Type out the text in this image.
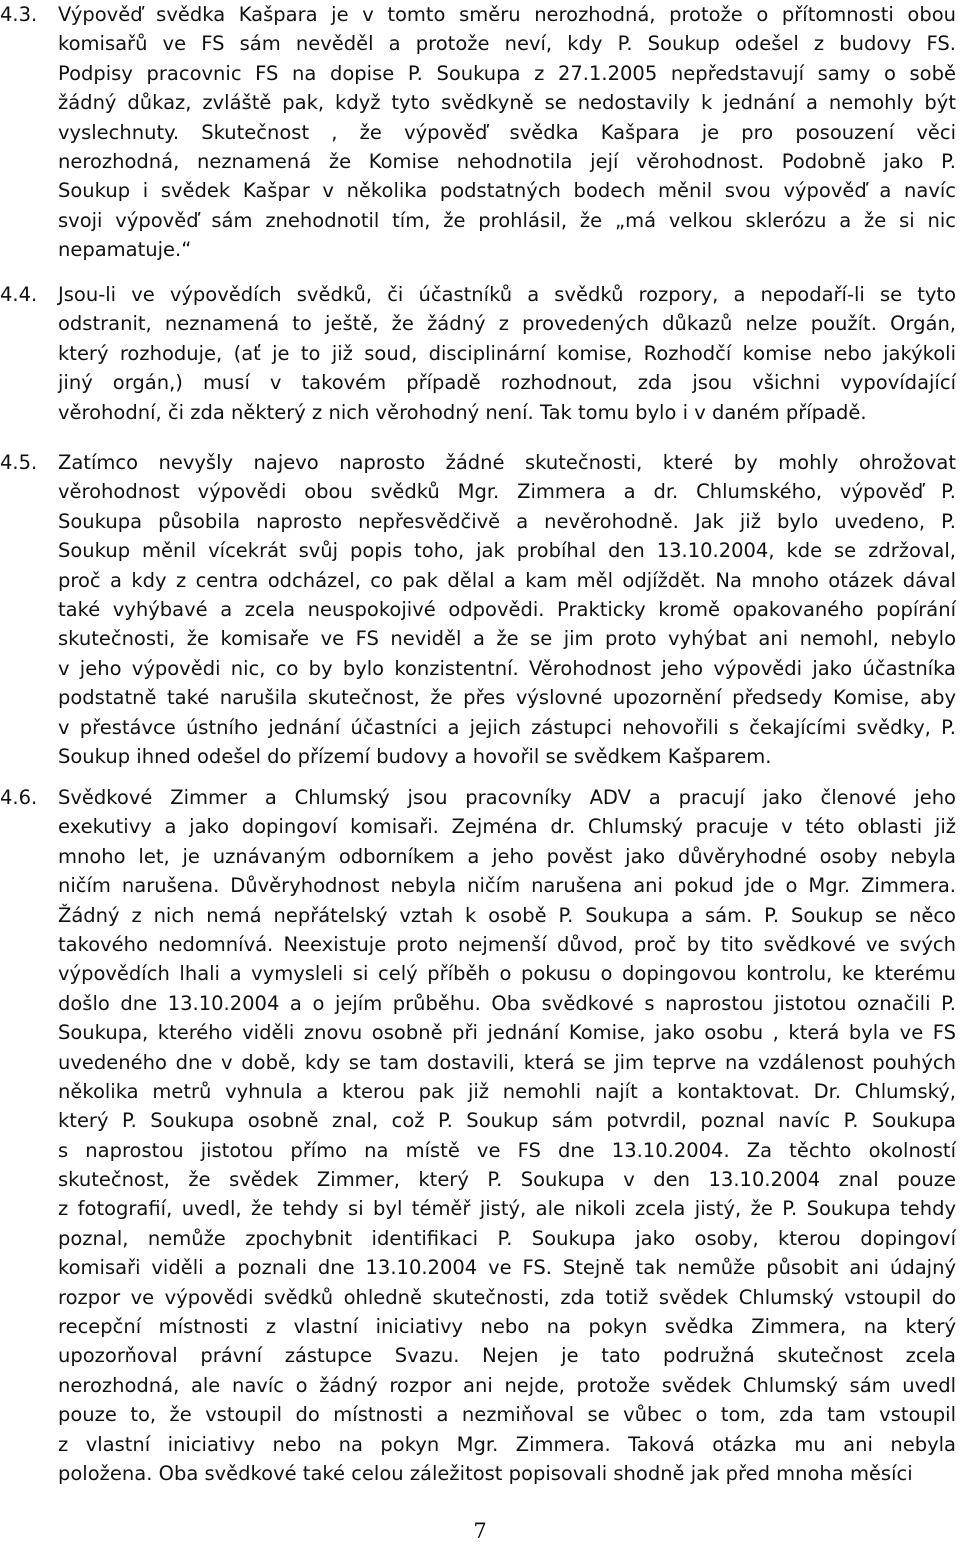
4.3.	Výpověď svědka Kašpara je v tomto směru nerozhodná, protože o přítomnosti obou
komisařů ve FS sám nevěděl a protože neví, kdy P. Soukup odešel z budovy FS.
Podpisy pracovnic FS na dopise P. Soukupa z 27.1.2005 nepředstavují samy o sobě
žádný důkaz, zvláště pak, když tyto svědkyně se nedostavily k jednání a nemohly být
vyslechnuty. Skutečnost , že výpověď svědka Kašpara je pro posouzení věci
nerozhodná, neznamená že Komise nehodnotila její věrohodnost. Podobně jako P.
Soukup i svědek Kašpar v několika podstatných bodech měnil svou výpověď a navíc
svoji výpověď sám znehodnotil tím, že prohlásil, že „má velkou sklerózu a že si nic
nepamatuje.“
4.4.	Jsou-li ve výpovědích svědků, či účastníků a svědků rozpory, a nepodaří-li se tyto
odstranit, neznamená to ještě, že žádný z provedených důkazů nelze použít. Orgán,
který rozhoduje, (ať je to již soud, disciplinární komise, Rozhodčí komise nebo jakýkoli
jiný orgán,) musí v takovém případě rozhodnout, zda jsou všichni vypovídající
věrohodní, či zda některý z nich věrohodný není. Tak tomu bylo i v daném případě.
4.5.	Zatímco nevyšly najevo naprosto žádné skutečnosti, které by mohly ohrožovat
věrohodnost výpovědi obou svědků Mgr. Zimmera a dr. Chlumského, výpověď P.
Soukupa působila naprosto nepřesvědčivě a nevěrohodně. Jak již bylo uvedeno, P.
Soukup měnil vícekrát svůj popis toho, jak probíhal den 13.10.2004, kde se zdržoval,
proč a kdy z centra odcházel, co pak dělal a kam měl odjíždět. Na mnoho otázek dával
také vyhýbavé a zcela neuspokojivé odpovědi. Prakticky kromě opakovaného popírání
skutečnosti, že komisaře ve FS neviděl a že se jim proto vyhýbat ani nemohl, nebylo
v jeho výpovědi nic, co by bylo konzistentní. Věrohodnost jeho výpovědi jako účastníka
podstatně také narušila skutečnost, že přes výslovné upozornění předsedy Komise, aby
v přestávce ústního jednání účastníci a jejich zástupci nehovořili s čekajícími svědky, P.
Soukup ihned odešel do přízemí budovy a hovořil se svědkem Kašparem.
4.6.	Svědkové Zimmer a Chlumský jsou pracovníky ADV a pracují jako členové jeho
exekutivy a jako dopingoví komisaři. Zejména dr. Chlumský pracuje v této oblasti již
mnoho let, je uznávaným odborníkem a jeho pověst jako důvěryhodné osoby nebyla
ničím narušena. Důvěryhodnost nebyla ničím narušena ani pokud jde o Mgr. Zimmera.
Žádný z nich nemá nepřátelský vztah k osobě P. Soukupa a sám. P. Soukup se něco
takového nedomnívá. Neexistuje proto nejmenší důvod, proč by tito svědkové ve svých
výpovědích lhali a vymysleli si celý příběh o pokusu o dopingovou kontrolu, ke kterému
došlo dne 13.10.2004 a o jejím průběhu. Oba svědkové s naprostou jistotou označili P.
Soukupa, kterého viděli znovu osobně při jednání Komise, jako osobu , která byla ve FS
uvedeného dne v době, kdy se tam dostavili, která se jim teprve na vzdálenost pouhých
několika metrů vyhnula a kterou pak již nemohli najít a kontaktovat. Dr. Chlumský,
který P. Soukupa osobně znal, což P. Soukup sám potvrdil, poznal navíc P. Soukupa
s naprostou jistotou přímo na místě ve FS dne 13.10.2004. Za těchto okolností
skutečnost, že svědek Zimmer, který P. Soukupa v den 13.10.2004 znal pouze
z fotografií, uvedl, že tehdy si byl téměř jistý, ale nikoli zcela jistý, že P. Soukupa tehdy
poznal, nemůže zpochybnit identifikaci P. Soukupa jako osoby, kterou dopingoví
komisaři viděli a poznali dne 13.10.2004 ve FS. Stejně tak nemůže působit ani údajný
rozpor ve výpovědi svědků ohledně skutečnosti, zda totiž svědek Chlumský vstoupil do
recepční místnosti z vlastní iniciativy nebo na pokyn svědka Zimmera, na který
upozorňoval právní zástupce Svazu. Nejen je tato podružná skutečnost zcela
nerozhodná, ale navíc o žádný rozpor ani nejde, protože svědek Chlumský sám uvedl
pouze to, že vstoupil do místnosti a nezmiňoval se vůbec o tom, zda tam vstoupil
z vlastní iniciativy nebo na pokyn Mgr. Zimmera. Taková otázka mu ani nebyla
položena. Oba svědkové také celou záležitost popisovali shodně jak před mnoha měsíci
7
